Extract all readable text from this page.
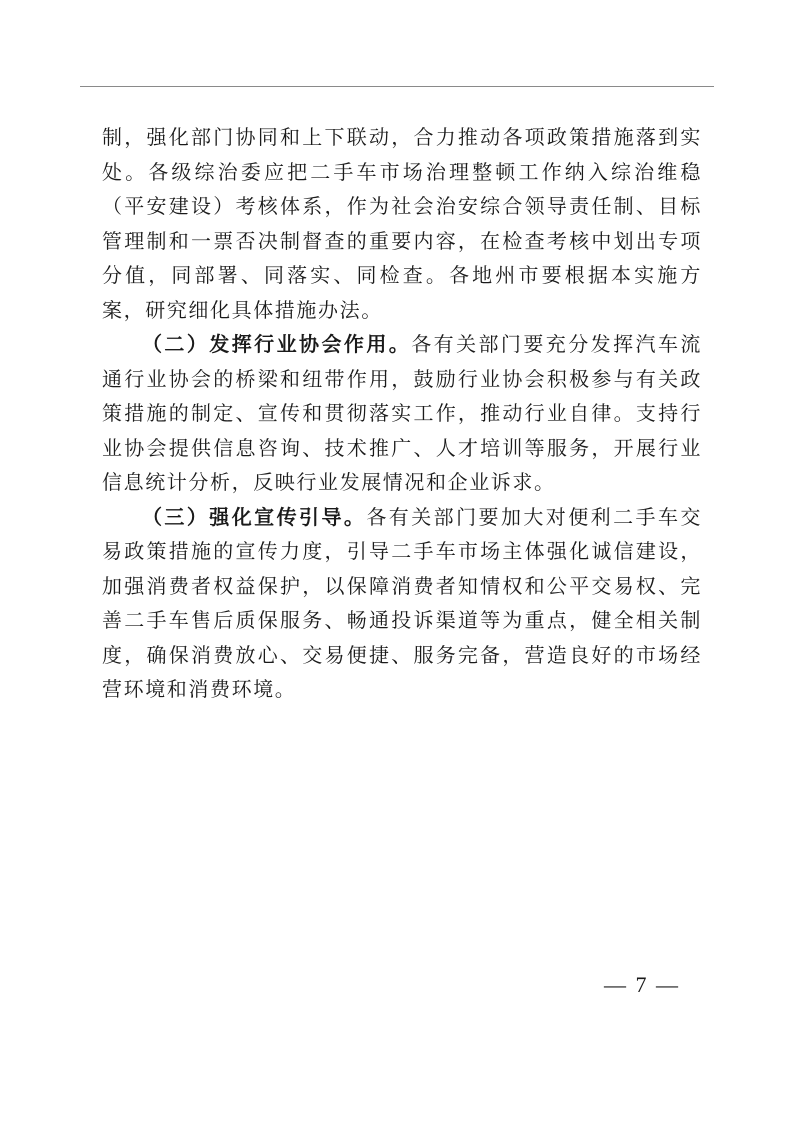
制，强化部门协同和上下联动，合力推动各项政策措施落到实处。各级综治委应把二手车市场治理整顿工作纳入综治维稳（平安建设）考核体系，作为社会治安综合领导责任制、目标管理制和一票否决制督查的重要内容，在检查考核中划出专项分值，同部署、同落实、同检查。各地州市要根据本实施方案，研究细化具体措施办法。

（二）发挥行业协会作用。各有关部门要充分发挥汽车流通行业协会的桥梁和纽带作用，鼓励行业协会积极参与有关政策措施的制定、宣传和贯彻落实工作，推动行业自律。支持行业协会提供信息咨询、技术推广、人才培训等服务，开展行业信息统计分析，反映行业发展情况和企业诉求。

（三）强化宣传引导。各有关部门要加大对便利二手车交易政策措施的宣传力度，引导二手车市场主体强化诚信建设，加强消费者权益保护，以保障消费者知情权和公平交易权、完善二手车售后质保服务、畅通投诉渠道等为重点，健全相关制度，确保消费放心、交易便捷、服务完备，营造良好的市场经营环境和消费环境。

— 7 —
